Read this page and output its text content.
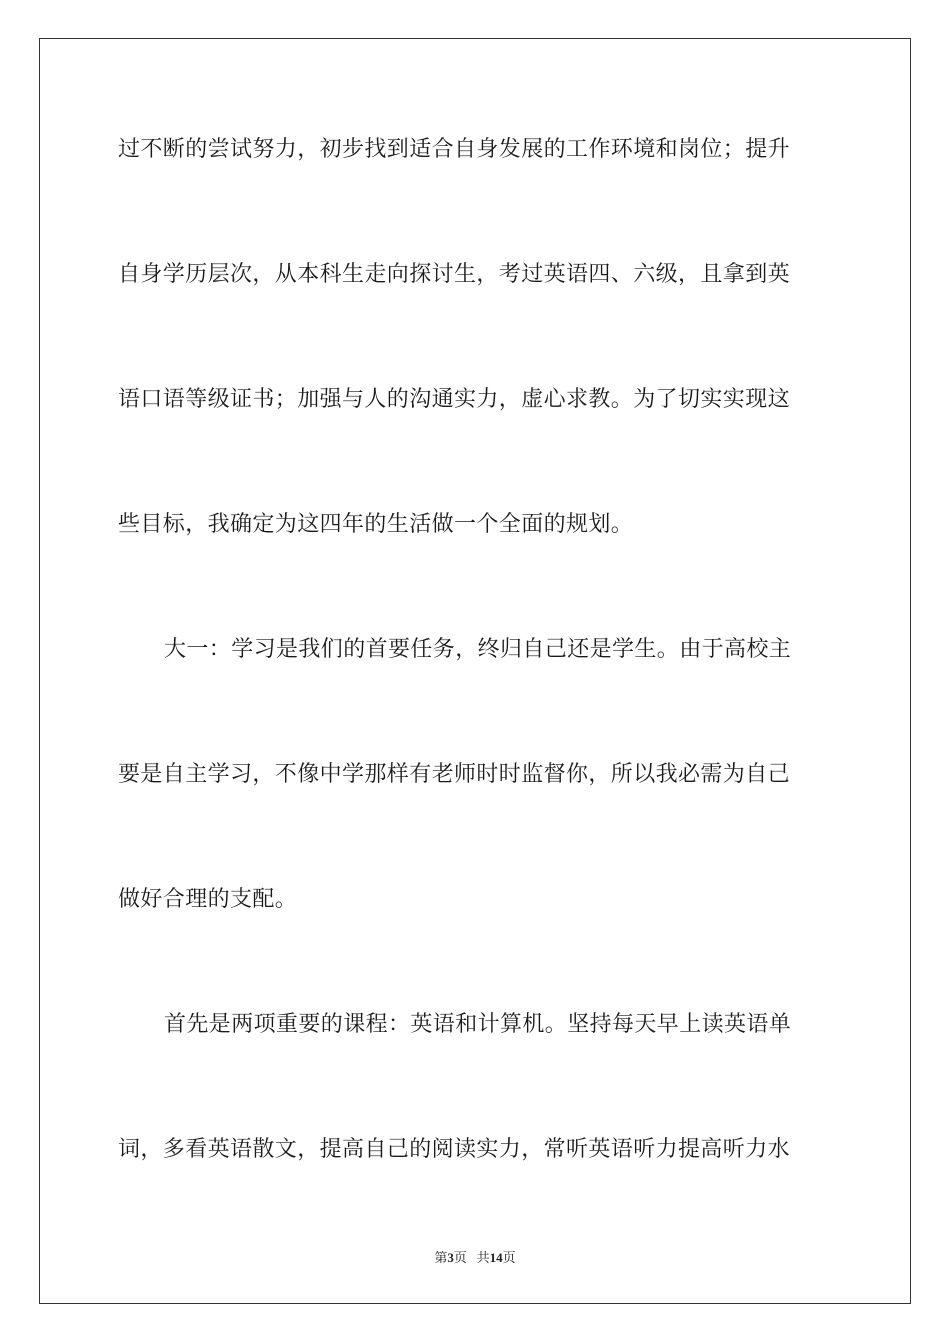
过不断的尝试努力，初步找到适合自身发展的工作环境和岗位；提升
自身学历层次，从本科生走向探讨生，考过英语四、六级，且拿到英
语口语等级证书；加强与人的沟通实力，虚心求教。为了切实实现这
些目标，我确定为这四年的生活做一个全面的规划。
大一：学习是我们的首要任务，终归自己还是学生。由于高校主
要是自主学习，不像中学那样有老师时时监督你，所以我必需为自己
做好合理的支配。
首先是两项重要的课程：英语和计算机。坚持每天早上读英语单
词，多看英语散文，提高自己的阅读实力，常听英语听力提高听力水
第3页 共14页
